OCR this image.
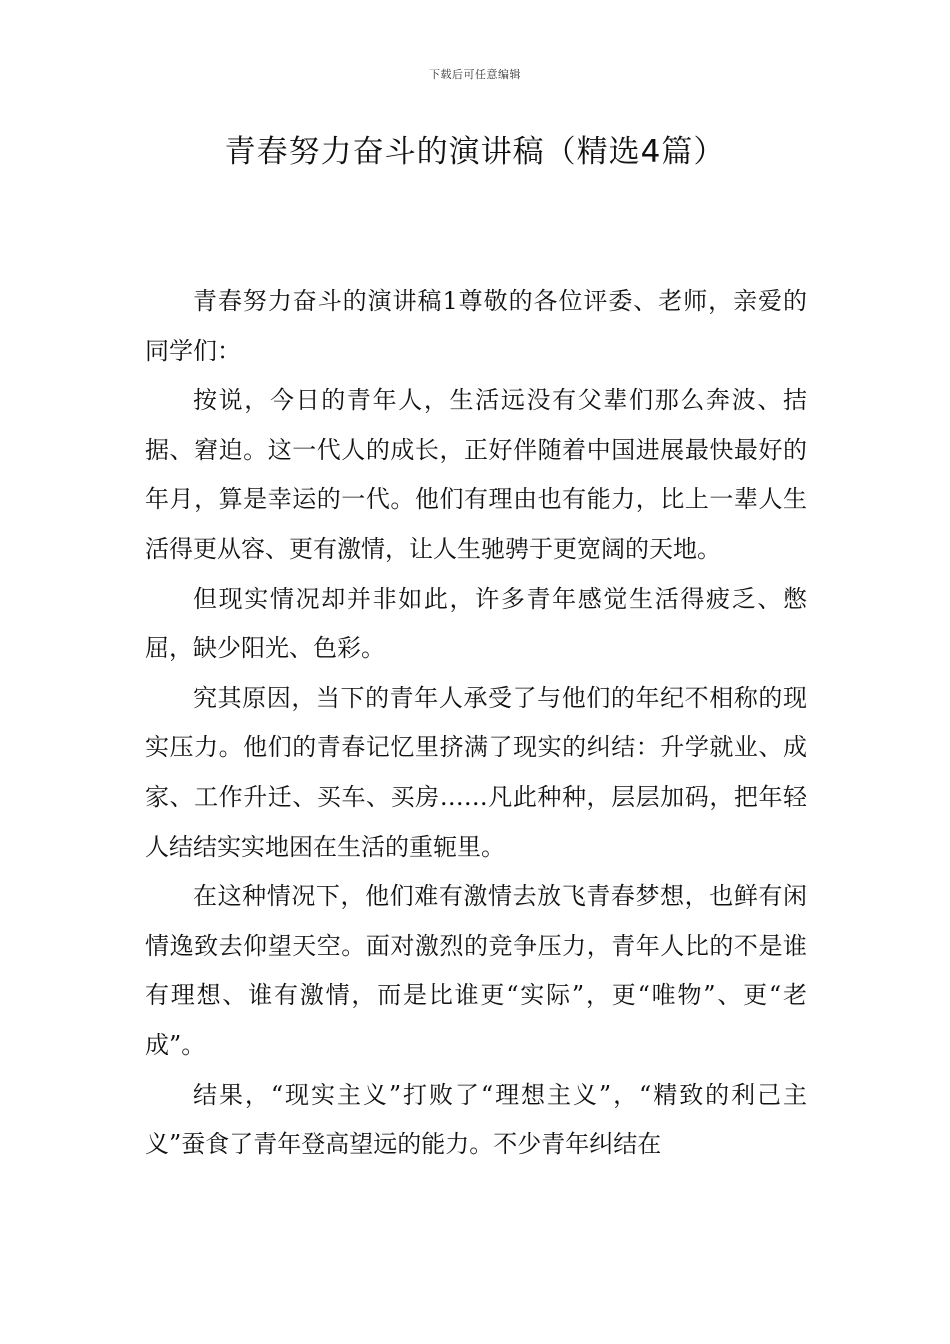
下载后可任意编辑
青春努力奋斗的演讲稿（精选4篇）

青春努力奋斗的演讲稿1尊敬的各位评委、老师，亲爱的同学们：

按说，今日的青年人，生活远没有父辈们那么奔波、拮据、窘迫。这一代人的成长，正好伴随着中国进展最快最好的年月，算是幸运的一代。他们有理由也有能力，比上一辈人生活得更从容、更有激情，让人生驰骋于更宽阔的天地。

但现实情况却并非如此，许多青年感觉生活得疲乏、憋屈，缺少阳光、色彩。

究其原因，当下的青年人承受了与他们的年纪不相称的现实压力。他们的青春记忆里挤满了现实的纠结：升学就业、成家、工作升迁、买车、买房……凡此种种，层层加码，把年轻人结结实实地困在生活的重轭里。

在这种情况下，他们难有激情去放飞青春梦想，也鲜有闲情逸致去仰望天空。面对激烈的竞争压力，青年人比的不是谁有理想、谁有激情，而是比谁更“实际”，更“唯物”、更“老成”。

结果，“现实主义”打败了“理想主义”，“精致的利己主义”蚕食了青年登高望远的能力。不少青年纠结在
